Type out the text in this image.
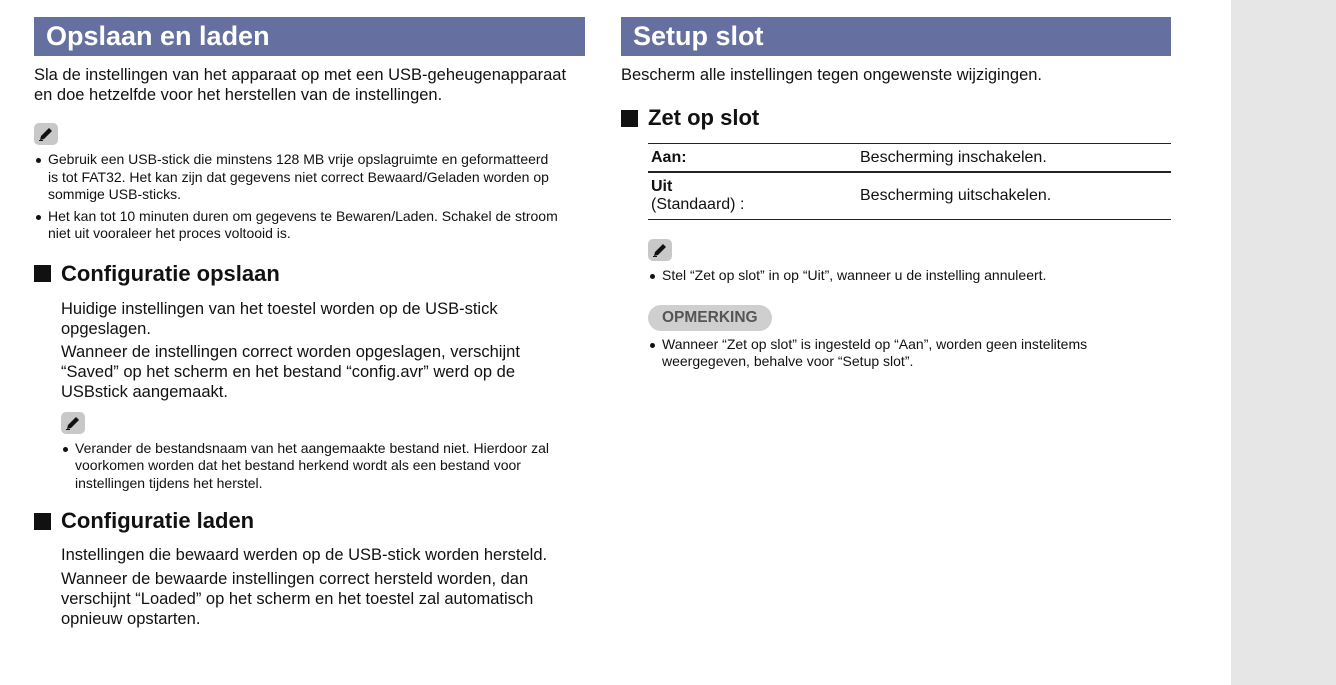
Opslaan en laden
Sla de instellingen van het apparaat op met een USB-geheugenapparaat
en doe hetzelfde voor het herstellen van de instellingen.
Gebruik een USB-stick die minstens 128 MB vrije opslagruimte en geformatteerd
is tot FAT32. Het kan zijn dat gegevens niet correct Bewaard/Geladen worden op
sommige USB-sticks.
Het kan tot 10 minuten duren om gegevens te Bewaren/Laden. Schakel de stroom
niet uit vooraleer het proces voltooid is.
Configuratie opslaan
Huidige instellingen van het toestel worden op de USB-stick
opgeslagen.
Wanneer de instellingen correct worden opgeslagen, verschijnt
“Saved” op het scherm en het bestand “config.avr” werd op de
USBstick aangemaakt.
Verander de bestandsnaam van het aangemaakte bestand niet. Hierdoor zal
voorkomen worden dat het bestand herkend wordt als een bestand voor
instellingen tijdens het herstel.
Configuratie laden
Instellingen die bewaard werden op de USB-stick worden hersteld.
Wanneer de bewaarde instellingen correct hersteld worden, dan
verschijnt “Loaded” op het scherm en het toestel zal automatisch
opnieuw opstarten.
Setup slot
Bescherm alle instellingen tegen ongewenste wijzigingen.
Zet op slot
Aan:	Bescherming inschakelen.

Uit
(Standaard) :	Bescherming uitschakelen.
Stel “Zet op slot” in op “Uit”, wanneer u de instelling annuleert.
OPMERKING
Wanneer “Zet op slot” is ingesteld op “Aan”, worden geen instelitems
weergegeven, behalve voor “Setup slot”.
